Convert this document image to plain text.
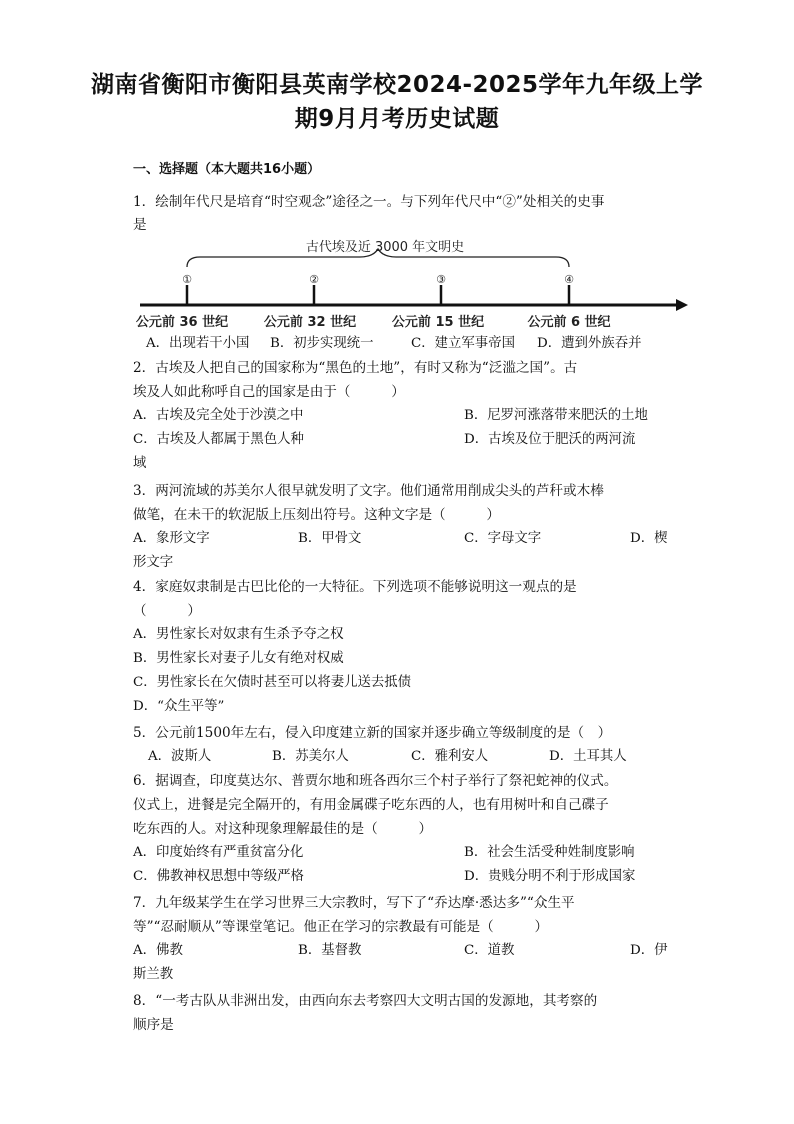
湖南省衡阳市衡阳县英南学校2024-2025学年九年级上学
期9月月考历史试题
一、选择题（本大题共16小题）
1．绘制年代尺是培育“时空观念”途径之一。与下列年代尺中“②”处相关的史事
是
古代埃及近 3000 年文明史
①	②	③	④
公元前 36 世纪	公元前 32 世纪	公元前 15 世纪	公元前 6 世纪
A．出现若干小国 B．初步实现统一	C．建立军事帝国 D．遭到外族吞并
2．古埃及人把自己的国家称为“黑色的土地”，有时又称为“泛滥之国”。古
埃及人如此称呼自己的国家是由于（　　　）
A．古埃及完全处于沙漠之中	B．尼罗河涨落带来肥沃的土地
C．古埃及人都属于黑色人种	D．古埃及位于肥沃的两河流
域
3．两河流域的苏美尔人很早就发明了文字。他们通常用削成尖头的芦秆或木棒
做笔，在未干的软泥版上压刻出符号。这种文字是（　　　）
A．象形文字	B．甲骨文	C．字母文字	D．楔
形文字
4．家庭奴隶制是古巴比伦的一大特征。下列选项不能够说明这一观点的是
（　　　）
A．男性家长对奴隶有生杀予夺之权
B．男性家长对妻子儿女有绝对权威
C．男性家长在欠债时甚至可以将妻儿送去抵债
D．“众生平等”
5．公元前1500年左右，侵入印度建立新的国家并逐步确立等级制度的是（　）
A．波斯人	B．苏美尔人	C．雅利安人	D．土耳其人
6．据调查，印度莫达尔、普贾尔地和班各西尔三个村子举行了祭祀蛇神的仪式。
仪式上，进餐是完全隔开的，有用金属碟子吃东西的人，也有用树叶和自己碟子
吃东西的人。对这种现象理解最佳的是（　　　）
A．印度始终有严重贫富分化	B．社会生活受种姓制度影响
C．佛教神权思想中等级严格	D．贵贱分明不利于形成国家
7．九年级某学生在学习世界三大宗教时，写下了“乔达摩·悉达多”“众生平
等”“忍耐顺从”等课堂笔记。他正在学习的宗教最有可能是（　　　）
A．佛教	B．基督教	C．道教	D．伊
斯兰教
8．“一考古队从非洲出发，由西向东去考察四大文明古国的发源地，其考察的
顺序是
